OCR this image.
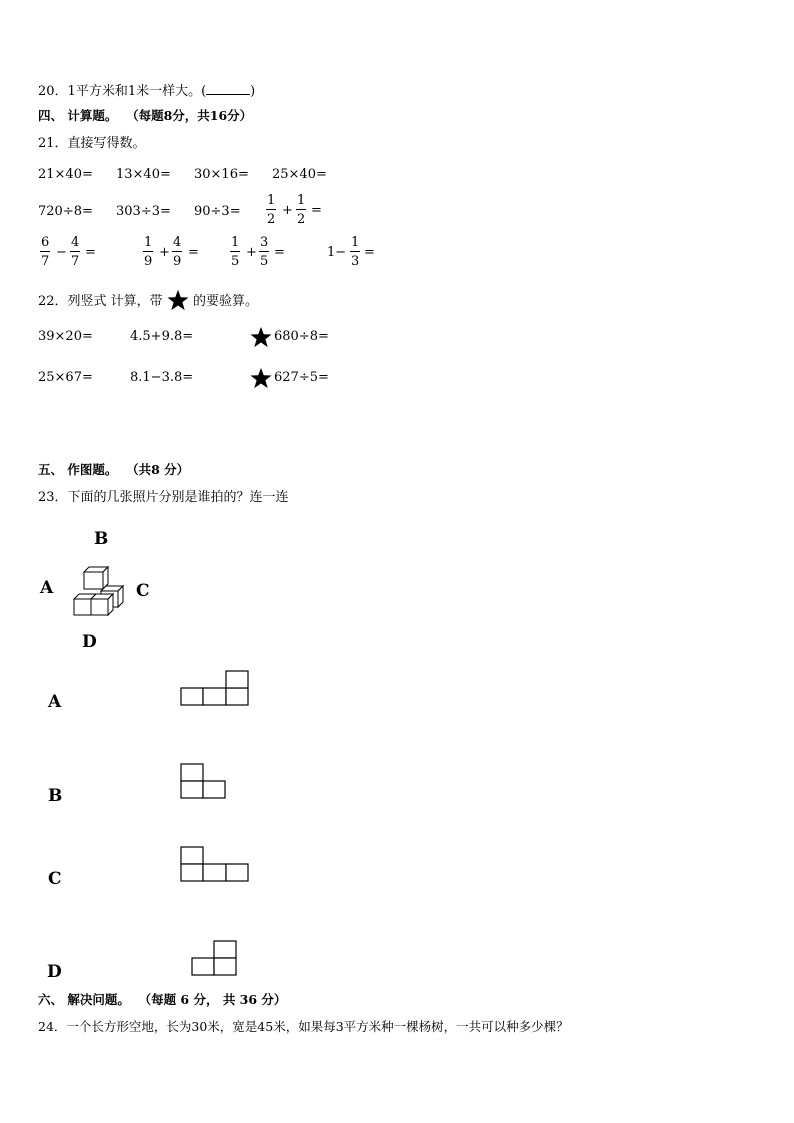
20．1平方米和1米一样大。(	)
四、 计算题。 （每题8分，共16分）
21．直接写得数。
21×40= 13×40= 30×16= 25×40=
$720\div 8= 303\div 3= 90\div 3= \frac{1}{2} + \frac{1}{2}$ =
$\frac{6}{7} - \frac{4}{7}$ =	$\frac{1}{9} + \frac{4}{9} = \frac{1}{5} + \frac{3}{5}$ =	$1- \frac{1}{3}$ =
22．列竖式 计算，带 的要验算。
39×20=	4.5+9.8=	680÷8=
25×67=	8.1−3.8=	627÷5=
五、 作图题。 （共8 分）
23．下面的几张照片分别是谁拍的？连一连
B
A	C
D
A
B
C
D
六、 解决问题。 （每题 6 分， 共 36 分）
24．一个长方形空地，长为30米，宽是45米，如果每3平方米种一棵杨树，一共可以种多少棵？
